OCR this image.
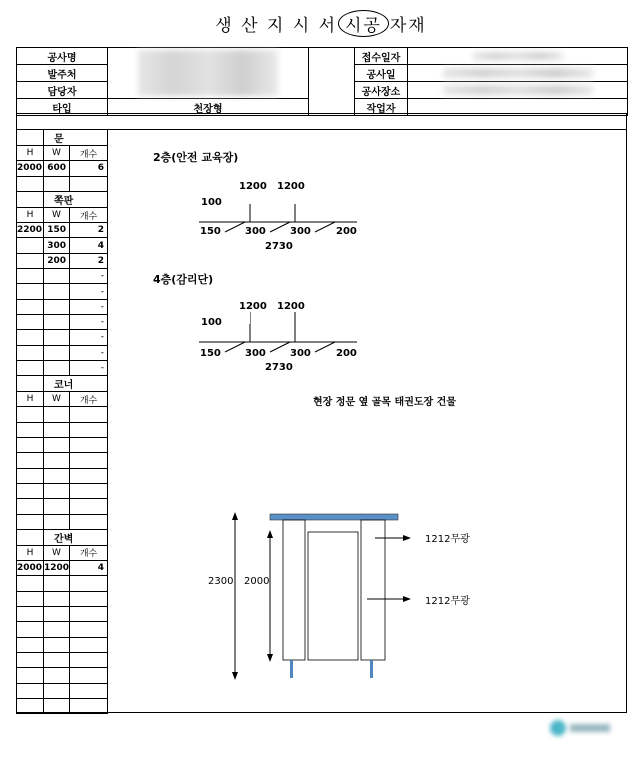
생 산 지 시 서 시공 자재
공사명			접수일자	

발주처			공사일	

담당자			공사장소	

타입	천장형		작업자	
	문	
H	W	개수
2000	600	6

	쪽판	
H	W	개수
2200	150	2
	300	4
	200	2
		-
		-
		-
		-
		-
		-
		-
	코너	
H	W	개수

	간벽	
H	W	개수
2000	1200	4

2층(안전 교육장)
1200 1200
100
150 300 300	200
2730
4층(감리단)
1200 1200
100
150 300 300	200
2730
현장 정문 옆 골목 태권도장 건물
2300 2000
1212무광
1212무광
